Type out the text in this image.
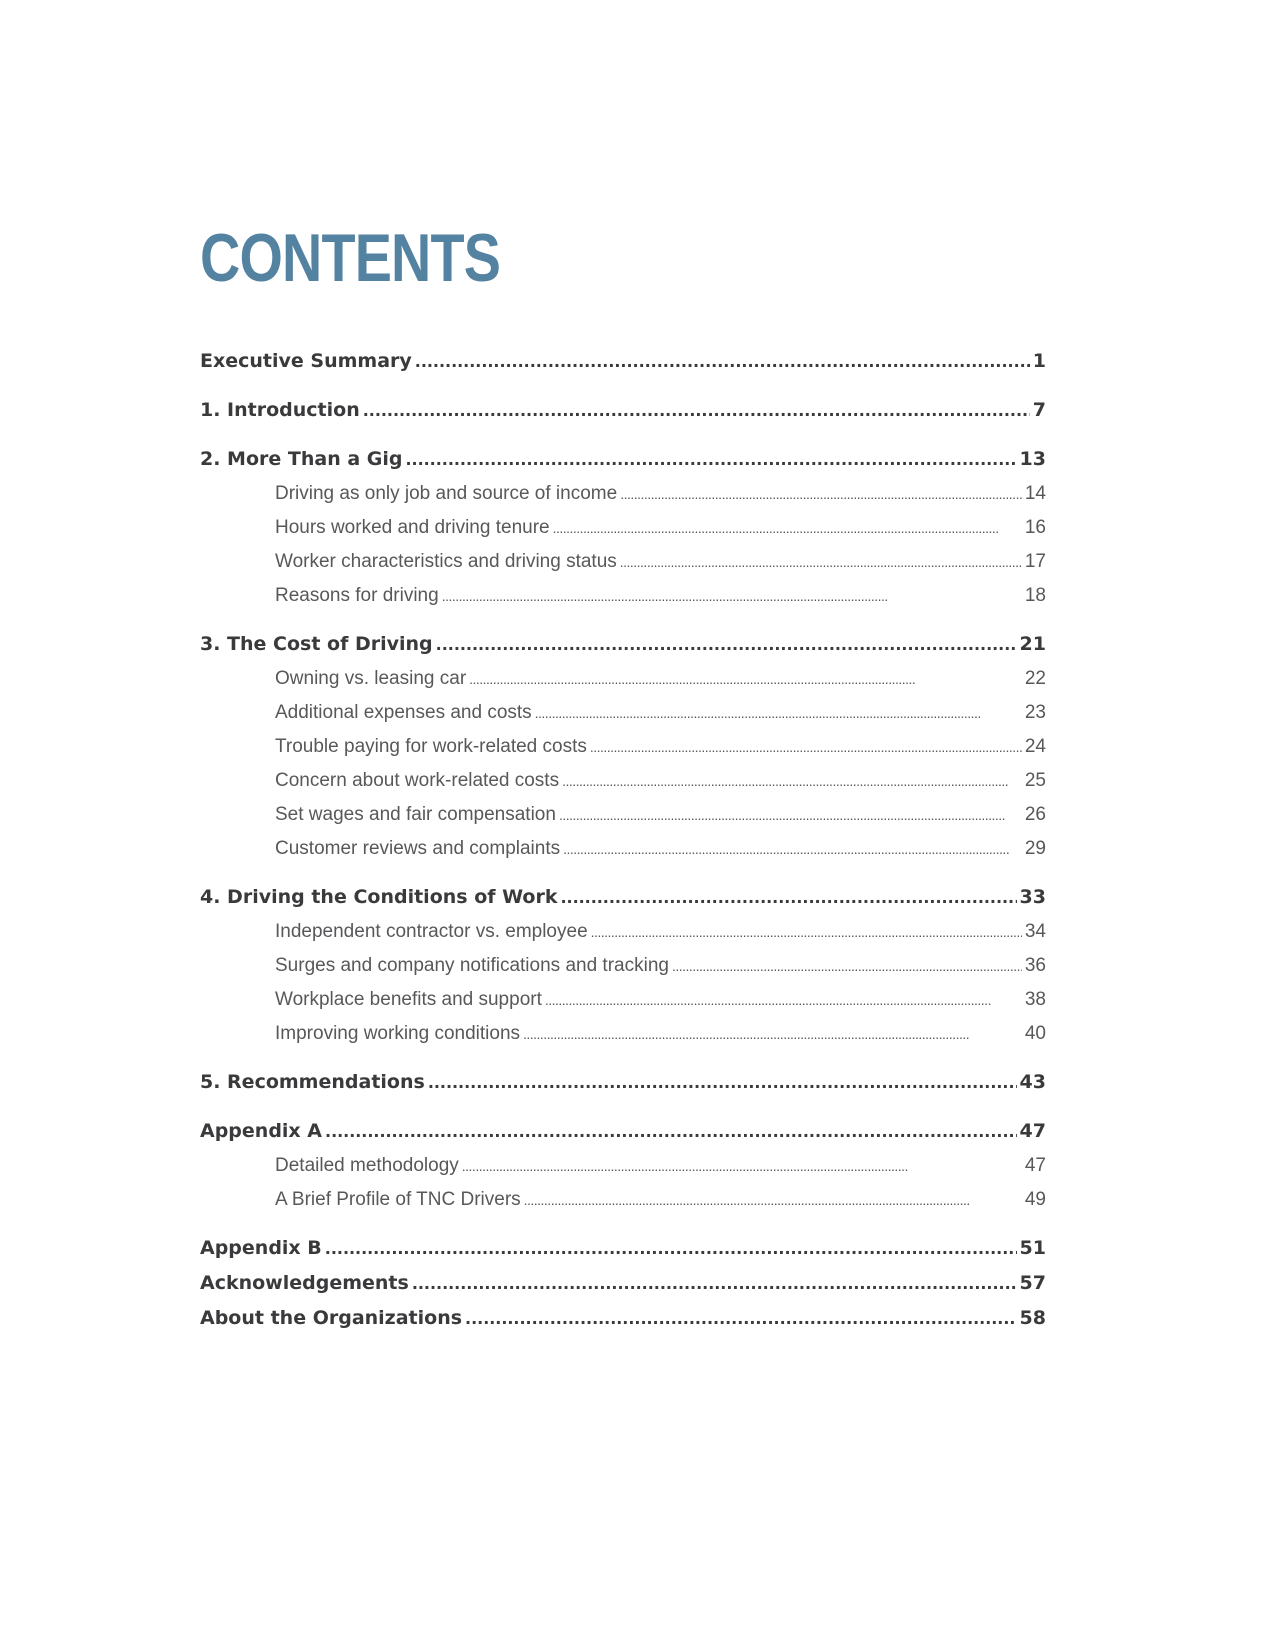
CONTENTS
Executive Summary . . .	1
1. Introduction . . .	7
2. More Than a Gig . . .	13
Driving as only job and source of income . . .	14
Hours worked and driving tenure . . .	16
Worker characteristics and driving status . . .	17
Reasons for driving . . .	18
3. The Cost of Driving . . .	21
Owning vs. leasing car . . .	22
Additional expenses and costs . . .	23
Trouble paying for work-related costs . . .	24
Concern about work-related costs . . .	25
Set wages and fair compensation . . .	26
Customer reviews and complaints . . .	29
4. Driving the Conditions of Work . . .	33
Independent contractor vs. employee . . .	34
Surges and company notifications and tracking . . .	36
Workplace benefits and support . . .	38
Improving working conditions . . .	40
5. Recommendations . . .	43
Appendix A . . .	47
Detailed methodology . . .	47
A Brief Profile of TNC Drivers . . .	49
Appendix B . . .	51
Acknowledgements . . .	57
About the Organizations . . .	58
